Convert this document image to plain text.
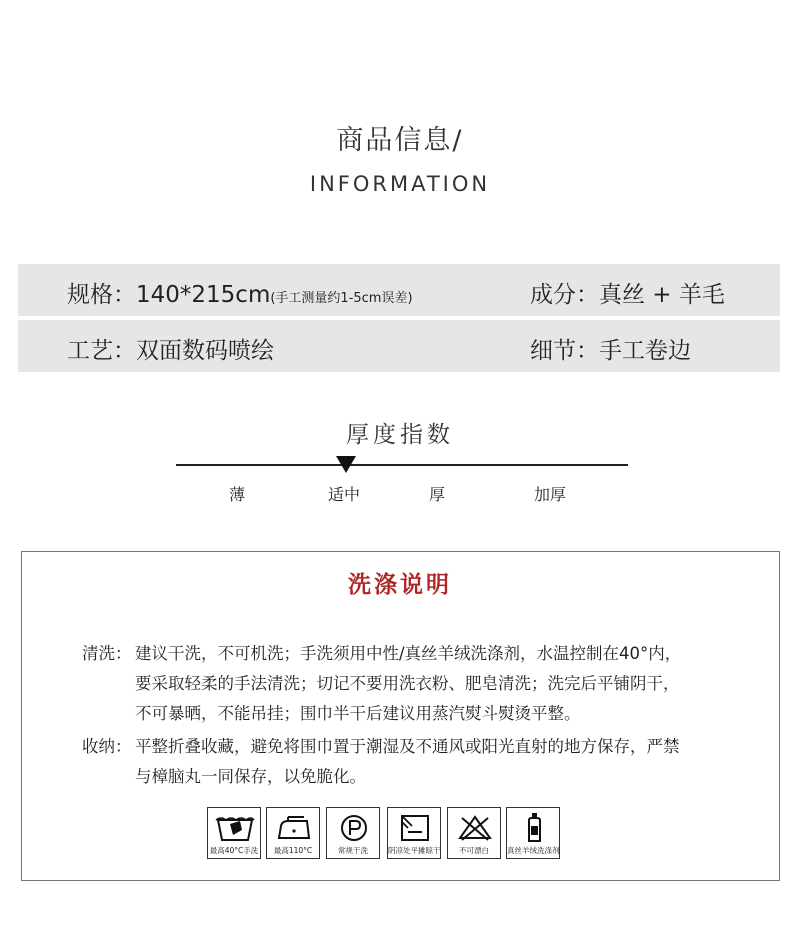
商品信息/
INFORMATION
规格：140*215cm(手工测量约1-5cm误差)	成分：真丝 + 羊毛
工艺：双面数码喷绘	细节：手工卷边
厚度指数
薄	适中	厚	加厚
洗涤说明
清洗： 建议干洗，不可机洗；手洗须用中性/真丝羊绒洗涤剂，水温控制在40°内，
要采取轻柔的手法清洗；切记不要用洗衣粉、肥皂清洗；洗完后平铺阴干，
不可暴晒，不能吊挂；围巾半干后建议用蒸汽熨斗熨烫平整。
收纳： 平整折叠收藏，避免将围巾置于潮湿及不通风或阳光直射的地方保存，严禁
与樟脑丸一同保存，以免脆化。
最高40°C手洗	最高110°C	常规干洗	阴凉处平摊晾干	不可漂白	真丝羊绒洗涤剂
